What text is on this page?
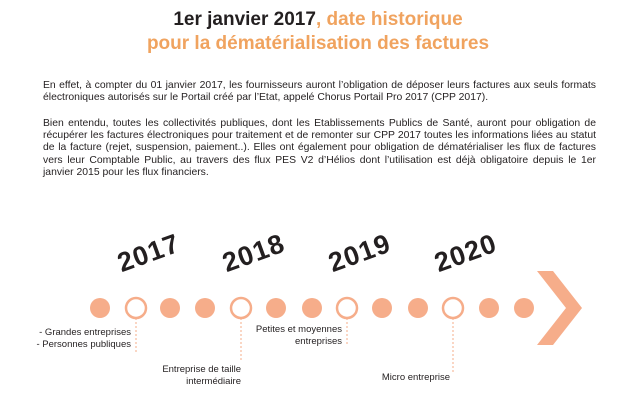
1er janvier 2017, date historique
pour la dématérialisation des factures

En effet, à compter du 01 janvier 2017, les fournisseurs auront l’obligation de déposer leurs factures aux seuls formats électroniques autorisés sur le Portail créé par l’Etat, appelé Chorus Portail Pro 2017 (CPP 2017).

Bien entendu, toutes les collectivités publiques, dont les Etablissements Publics de Santé, auront pour obligation de récupérer les factures électroniques pour traitement et de remonter sur CPP 2017 toutes les informations liées au statut de la facture (rejet, suspension, paiement..). Elles ont également pour obligation de dématérialiser les flux de factures vers leur Comptable Public, au travers des flux PES V2 d’Hélios dont l’utilisation est déjà obligatoire depuis le 1er janvier 2015 pour les flux financiers.

2017 2018 2019 2020
- Grandes entreprises
- Personnes publiques
Entreprise de taille
intermédiaire
Petites et moyennes
entreprises
Micro entreprise
